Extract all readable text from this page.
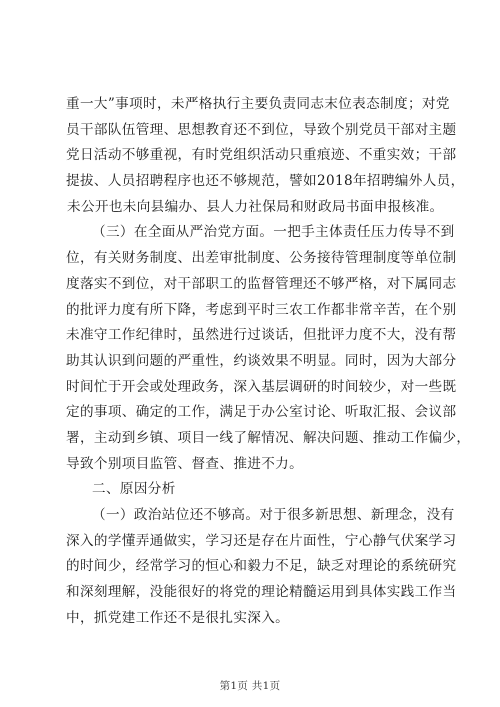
重一大”事项时，未严格执行主要负责同志末位表态制度；对党
员干部队伍管理、思想教育还不到位，导致个别党员干部对主题
党日活动不够重视，有时党组织活动只重痕迹、不重实效；干部
提拔、人员招聘程序也还不够规范，譬如2018年招聘编外人员，
未公开也未向县编办、县人力社保局和财政局书面申报核准。
（三）在全面从严治党方面。一把手主体责任压力传导不到
位，有关财务制度、出差审批制度、公务接待管理制度等单位制
度落实不到位，对干部职工的监督管理还不够严格，对下属同志
的批评力度有所下降，考虑到平时三农工作都非常辛苦，在个别
未准守工作纪律时，虽然进行过谈话，但批评力度不大，没有帮
助其认识到问题的严重性，约谈效果不明显。同时，因为大部分
时间忙于开会或处理政务，深入基层调研的时间较少，对一些既
定的事项、确定的工作，满足于办公室讨论、听取汇报、会议部
署，主动到乡镇、项目一线了解情况、解决问题、推动工作偏少，
导致个别项目监管、督查、推进不力。
二、原因分析
（一）政治站位还不够高。对于很多新思想、新理念，没有
深入的学懂弄通做实，学习还是存在片面性，宁心静气伏案学习
的时间少，经常学习的恒心和毅力不足，缺乏对理论的系统研究
和深刻理解，没能很好的将党的理论精髓运用到具体实践工作当
中，抓党建工作还不是很扎实深入。
第1页 共1页
